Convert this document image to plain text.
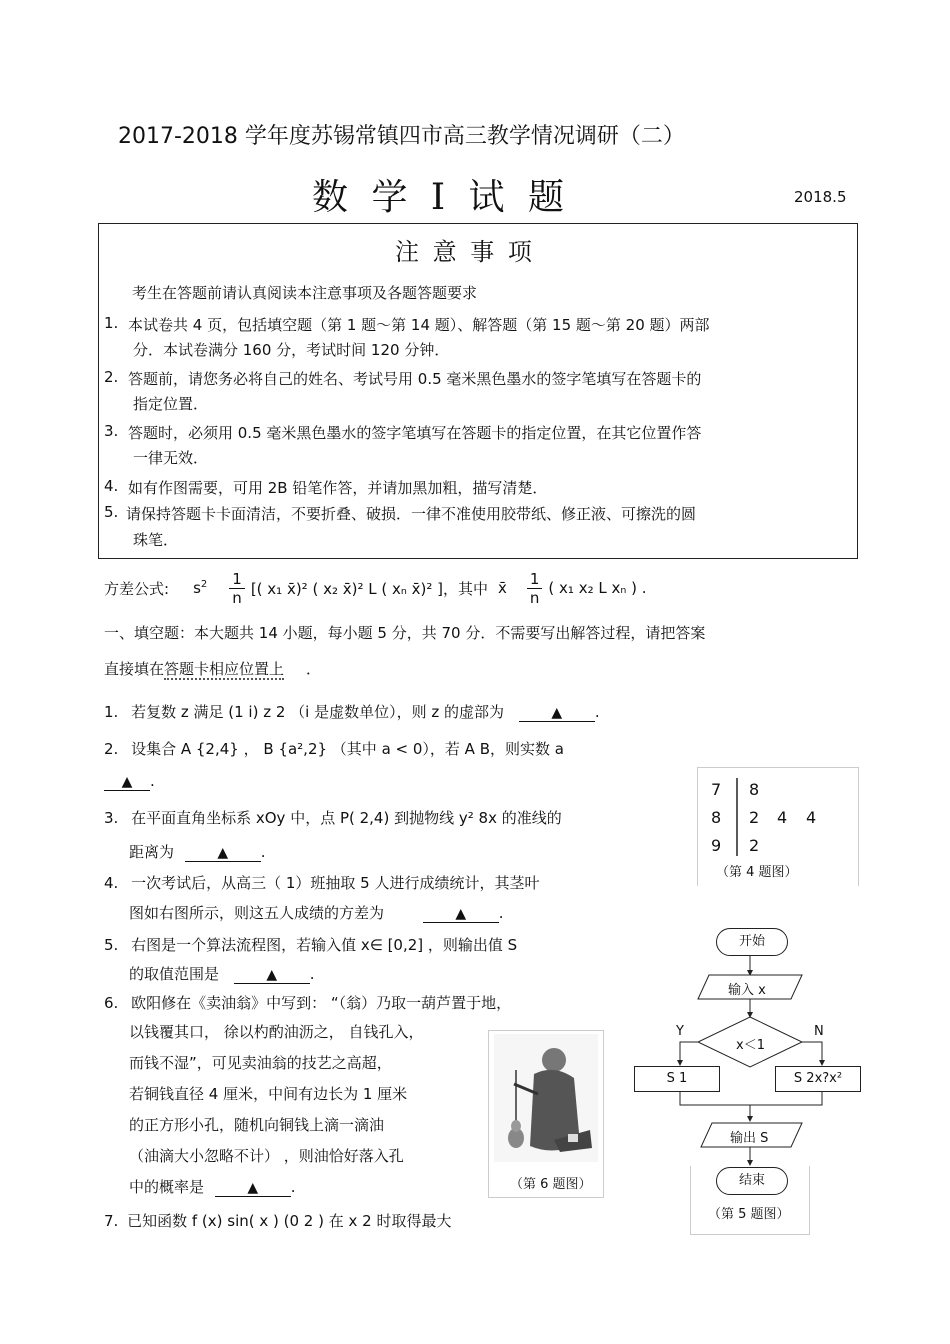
2017-2018 学年度苏锡常镇四市高三教学情况调研（二）
数 学 Ⅰ 试 题	2018.5
注 意 事 项
考生在答题前请认真阅读本注意事项及各题答题要求
1. 本试卷共 4 页，包括填空题（第 1 题～第 14 题）、解答题（第 15 题～第 20 题）两部
分．本试卷满分 160 分，考试时间 120 分钟．
2. 答题前，请您务必将自己的姓名、考试号用 0.5 毫米黑色墨水的签字笔填写在答题卡的
指定位置．
3. 答题时，必须用 0.5 毫米黑色墨水的签字笔填写在答题卡的指定位置，在其它位置作答
一律无效．
4. 如有作图需要，可用 2B 铅笔作答，并请加黑加粗，描写清楚．
5. 请保持答题卡卡面清洁，不要折叠、破损．一律不准使用胶带纸、修正液、可擦洗的圆
珠笔．
方差公式: $s^2 \frac{1}{n}$ [( x₁ x̄)² ( x₂ x̄)² L ( xₙ x̄)² ]，其中 x̄ $\frac{1}{n}$ ( x₁ x₂ L xₙ ) .
一、填空题：本大题共 14 小题，每小题 5 分，共 70 分．不需要写出解答过程，请把答案
直接填在答题卡相应位置上 ．
1. 若复数 z 满足 (1 i) z 2 （i 是虚数单位），则 z 的虚部为	▲ .
2. 设集合 A {2,4} ， B {a²,2} （其中 a < 0），若 A B，则实数 a
▲ .
3. 在平面直角坐标系 xOy 中，点 P( 2,4) 到抛物线 y² 8x 的准线的
距离为	▲ .
7 8
8 2 4 4
9 2
（第 4 题图）
4. 一次考试后，从高三（ 1）班抽取 5 人进行成绩统计，其茎叶
图如右图所示，则这五人成绩的方差为	▲ .
5. 右图是一个算法流程图，若输入值 x∈ [0,2] ，则输出值 S
的取值范围是	▲ .
6. 欧阳修在《卖油翁》中写到： “（翁）乃取一葫芦置于地，
以钱覆其口， 徐以杓酌油沥之， 自钱孔入，
而钱不湿”，可见卖油翁的技艺之高超，
若铜钱直径 4 厘米，中间有边长为 1 厘米
的正方形小孔，随机向铜钱上滴一滴油
（油滴大小忽略不计） ，则油恰好落入孔
中的概率是	▲ .	（第 6 题图）
开始
输入 x
x＜1
Y	N
S 1	S 2x?x²
输出 S
结束
（第 5 题图）
7. 已知函数 f (x) sin( x ) (0 2 ) 在 x 2 时取得最大
